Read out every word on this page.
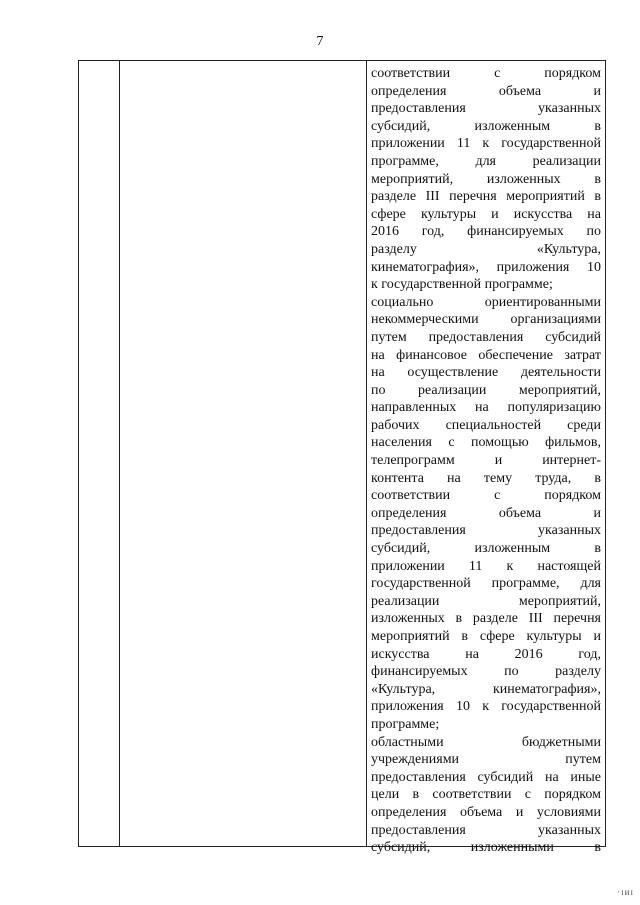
7
соответствии с порядком
определения объема и
предоставления указанных
субсидий, изложенным в
приложении 11 к государственной
программе, для реализации
мероприятий, изложенных в
разделе III перечня мероприятий в
сфере культуры и искусства на
2016 год, финансируемых по
разделу «Культура,
кинематография», приложения 10
к государственной программе;
социально ориентированными
некоммерческими организациями
путем предоставления субсидий
на финансовое обеспечение затрат
на осуществление деятельности
по реализации мероприятий,
направленных на популяризацию
рабочих специальностей среди
населения с помощью фильмов,
телепрограмм и интернет-
контента на тему труда, в
соответствии с порядком
определения объема и
предоставления указанных
субсидий, изложенным в
приложении 11 к настоящей
государственной программе, для
реализации мероприятий,
изложенных в разделе III перечня
мероприятий в сфере культуры и
искусства на 2016 год,
финансируемых по разделу
«Культура, кинематография»,
приложения 10 к государственной
программе;
областными бюджетными
учреждениями путем
предоставления субсидий на иные
цели в соответствии с порядком
определения объема и условиями
предоставления указанных
субсидий, изложенными в
·ɪᴎɪ
